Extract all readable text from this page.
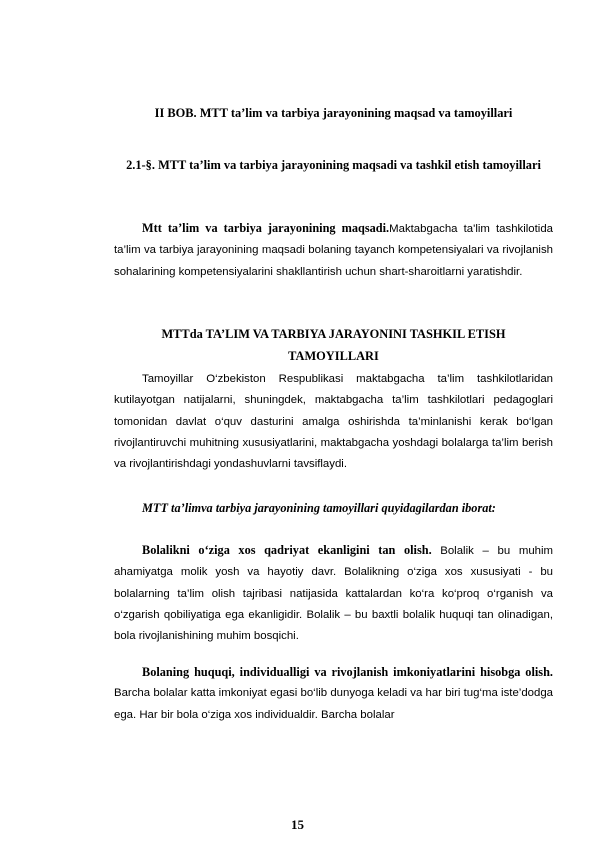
II BOB. MTT ta’lim va tarbiya jarayonining maqsad va tamoyillari
2.1-§. MTT ta’lim va tarbiya jarayonining maqsadi va tashkil etish tamoyillari
Mtt ta’lim va tarbiya jarayonining maqsadi.Maktabgacha ta'lim tashkilotida ta’lim va tarbiya jarayonining maqsadi bolaning tayanch kompetensiyalari va rivojlanish sohalarining kompetensiyalarini shakllantirish uchun shart-sharoitlarni yaratishdir.
MTTda TA’LIM VA TARBIYA JARAYONINI TASHKIL ETISH TAMOYILLARI
Tamoyillar O‘zbekiston Respublikasi maktabgacha ta’lim tashkilotlaridan kutilayotgan natijalarni, shuningdek, maktabgacha ta’lim tashkilotlari pedagoglari tomonidan davlat o‘quv dasturini amalga oshirishda ta’minlanishi kerak bo‘lgan rivojlantiruvchi muhitning xususiyatlarini, maktabgacha yoshdagi bolalarga ta’lim berish va rivojlantirishdagi yondashuvlarni tavsiflaydi.
MTT ta’limva tarbiya jarayonining tamoyillari quyidagilardan iborat:
Bolalikni o‘ziga xos qadriyat ekanligini tan olish. Bolalik – bu muhim ahamiyatga molik yosh va hayotiy davr. Bolalikning o‘ziga xos xususiyati - bu bolalarning ta’lim olish tajribasi natijasida kattalardan ko‘ra ko‘proq o‘rganish va o‘zgarish qobiliyatiga ega ekanligidir. Bolalik – bu baxtli bolalik huquqi tan olinadigan, bola rivojlanishining muhim bosqichi.
Bolaning huquqi, individualligi va rivojlanish imkoniyatlarini hisobga olish. Barcha bolalar katta imkoniyat egasi bo‘lib dunyoga keladi va har biri tug‘ma iste’dodga ega. Har bir bola o‘ziga xos individualdir. Barcha bolalar
15
